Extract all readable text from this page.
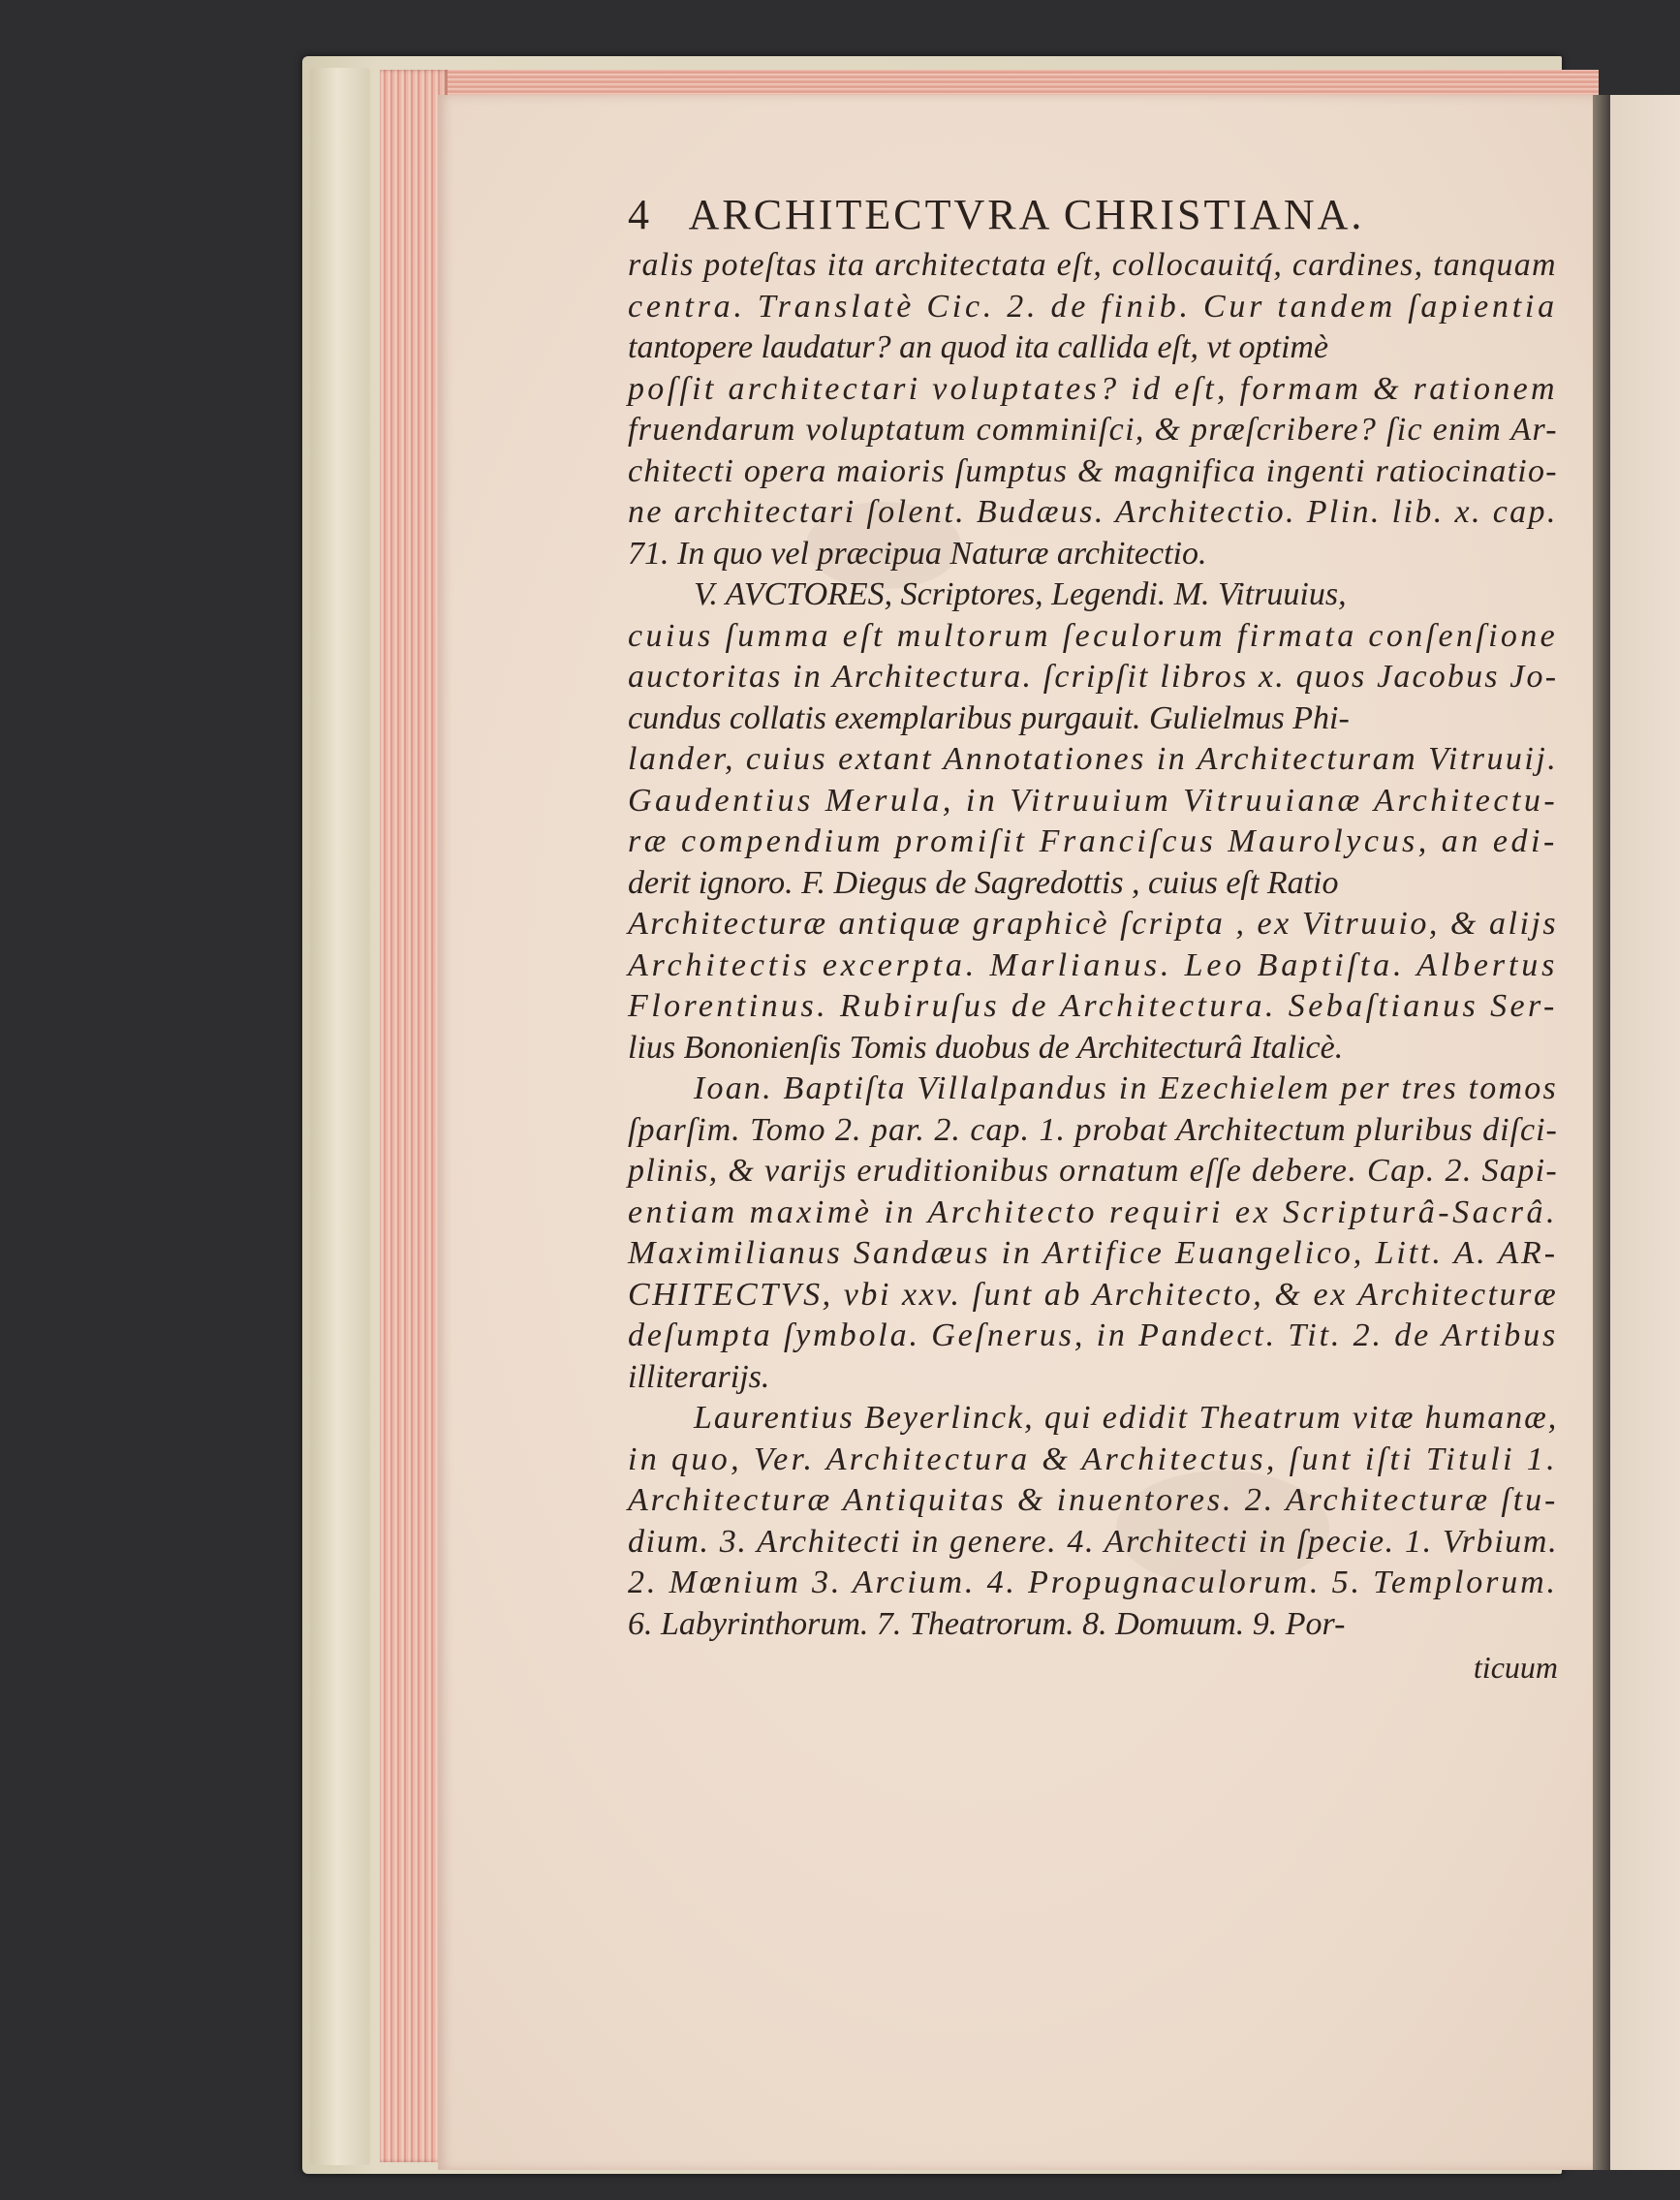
4 ARCHITECTVRA CHRISTIANA.
ralis poteſtas ita architectata eſt, collocauitq́, cardines, tanquam
centra. Translatè Cic. 2. de finib. Cur tandem ſapientia
tantopere laudatur? an quod ita callida eſt, vt optimè
poſſit architectari voluptates? id eſt, formam & rationem
fruendarum voluptatum comminiſci, & præſcribere? ſic enim Ar-
chitecti opera maioris ſumptus & magnifica ingenti ratiocinatio-
ne architectari ſolent. Budæus. Architectio. Plin. lib. x. cap.
71. In quo vel præcipua Naturæ architectio.
V. AVCTORES, Scriptores, Legendi. M. Vitruuius,
cuius ſumma eſt multorum ſeculorum firmata conſenſione
auctoritas in Architectura. ſcripſit libros x. quos Jacobus Jo-
cundus collatis exemplaribus purgauit. Gulielmus Phi-
lander, cuius extant Annotationes in Architecturam Vitruuij.
Gaudentius Merula, in Vitruuium Vitruuianæ Architectu-
ræ compendium promiſit Franciſcus Maurolycus, an edi-
derit ignoro. F. Diegus de Sagredottis , cuius eſt Ratio
Architecturæ antiquæ graphicè ſcripta , ex Vitruuio, & alijs
Architectis excerpta. Marlianus. Leo Baptiſta. Albertus
Florentinus. Rubiruſus de Architectura. Sebaſtianus Ser-
lius Bononienſis Tomis duobus de Architecturâ Italicè.
Ioan. Baptiſta Villalpandus in Ezechielem per tres tomos
ſparſim. Tomo 2. par. 2. cap. 1. probat Architectum pluribus diſci-
plinis, & varijs eruditionibus ornatum eſſe debere. Cap. 2. Sapi-
entiam maximè in Architecto requiri ex Scripturâ-Sacrâ.
Maximilianus Sandæus in Artifice Euangelico, Litt. A. AR-
CHITECTVS, vbi xxv. ſunt ab Architecto, & ex Architecturæ
deſumpta ſymbola. Geſnerus, in Pandect. Tit. 2. de Artibus
illiterarijs.
Laurentius Beyerlinck, qui edidit Theatrum vitæ humanæ,
in quo, Ver. Architectura & Architectus, ſunt iſti Tituli 1.
Architecturæ Antiquitas & inuentores. 2. Architecturæ ſtu-
dium. 3. Architecti in genere. 4. Architecti in ſpecie. 1. Vrbium.
2. Mœnium 3. Arcium. 4. Propugnaculorum. 5. Templorum.
6. Labyrinthorum. 7. Theatrorum. 8. Domuum. 9. Por-
ticuum
